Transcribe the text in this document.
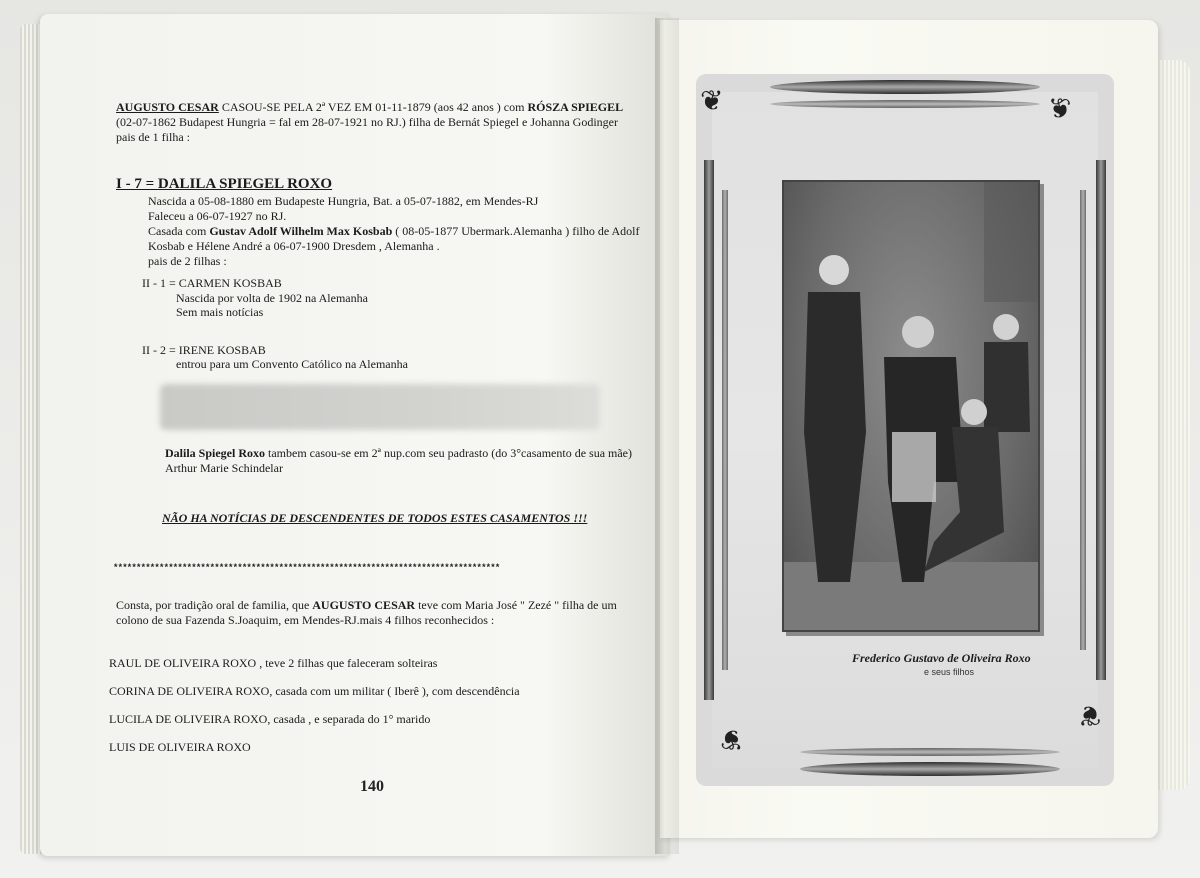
AUGUSTO CESAR CASOU-SE PELA 2ª VEZ EM 01-11-1879 (aos 42 anos ) com RÓSZA SPIEGEL
(02-07-1862 Budapest Hungria = fal em 28-07-1921 no RJ.) filha de Bernát Spiegel e Johanna Godinger
pais de 1 filha :
I - 7 = DALILA SPIEGEL ROXO
Nascida a 05-08-1880 em Budapeste Hungria, Bat. a 05-07-1882, em Mendes-RJ
Faleceu a 06-07-1927 no RJ.
Casada com Gustav Adolf Wilhelm Max Kosbab ( 08-05-1877 Ubermark.Alemanha ) filho de Adolf
Kosbab e Hélene André a 06-07-1900 Dresdem , Alemanha .
pais de 2 filhas :
II - 1 = CARMEN KOSBAB
Nascida por volta de 1902 na Alemanha
Sem mais notícias
II - 2 = IRENE KOSBAB
entrou para um Convento Católico na Alemanha
Dalila Spiegel Roxo tambem casou-se em 2ª nup.com seu padrasto (do 3°casamento de sua mãe)
Arthur Marie Schindelar
NÃO HA NOTÍCIAS DE DESCENDENTES DE TODOS ESTES CASAMENTOS !!!
************************************************************************************
Consta, por tradição oral de familia, que AUGUSTO CESAR teve com Maria José " Zezé " filha de um
colono de sua Fazenda S.Joaquim, em Mendes-RJ.mais 4 filhos reconhecidos :
RAUL DE OLIVEIRA ROXO , teve 2 filhas que faleceram solteiras
CORINA DE OLIVEIRA ROXO, casada com um militar ( Iberê ), com descendência
LUCILA DE OLIVEIRA ROXO, casada , e separada do 1° marido
LUIS DE OLIVEIRA ROXO
140
❦	❦
❦
❦
Frederico Gustavo de Oliveira Roxo
e seus filhos
